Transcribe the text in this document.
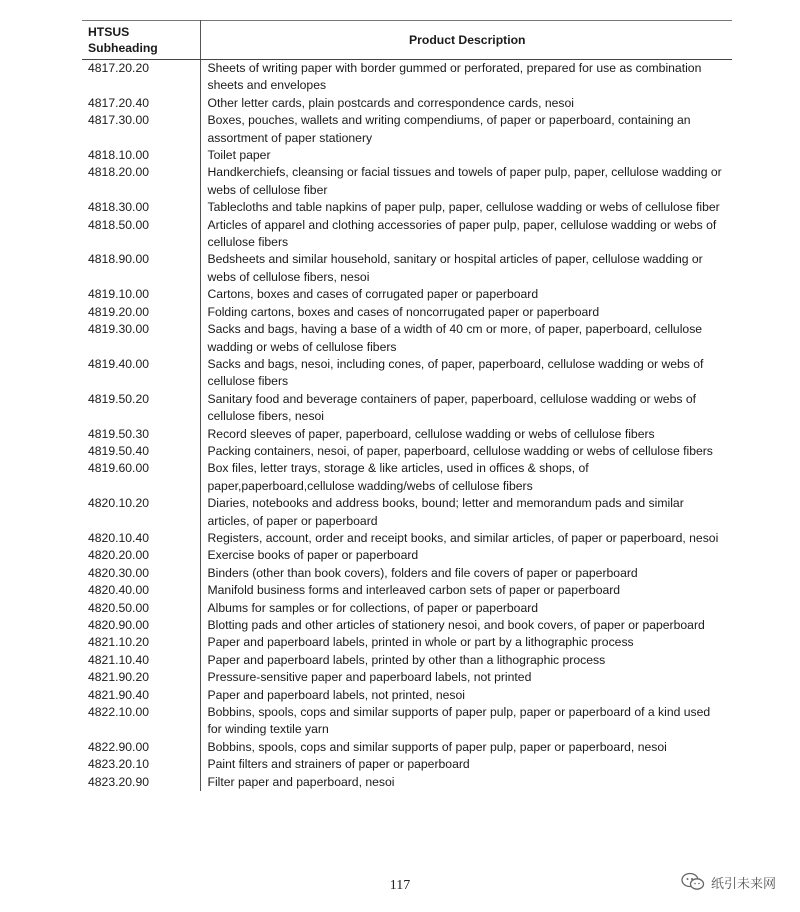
HTSUS
Subheading	Product Description
4817.20.20	Sheets of writing paper with border gummed or perforated, prepared for use as combination sheets and envelopes
4817.20.40	Other letter cards, plain postcards and correspondence cards, nesoi
4817.30.00	Boxes, pouches, wallets and writing compendiums, of paper or paperboard, containing an assortment of paper stationery
4818.10.00	Toilet paper
4818.20.00	Handkerchiefs, cleansing or facial tissues and towels of paper pulp, paper, cellulose wadding or webs of cellulose fiber
4818.30.00	Tablecloths and table napkins of paper pulp, paper, cellulose wadding or webs of cellulose fiber
4818.50.00	Articles of apparel and clothing accessories of paper pulp, paper, cellulose wadding or webs of cellulose fibers
4818.90.00	Bedsheets and similar household, sanitary or hospital articles of paper, cellulose wadding or webs of cellulose fibers, nesoi
4819.10.00	Cartons, boxes and cases of corrugated paper or paperboard
4819.20.00	Folding cartons, boxes and cases of noncorrugated paper or paperboard
4819.30.00	Sacks and bags, having a base of a width of 40 cm or more, of paper, paperboard, cellulose wadding or webs of cellulose fibers
4819.40.00	Sacks and bags, nesoi, including cones, of paper, paperboard, cellulose wadding or webs of cellulose fibers
4819.50.20	Sanitary food and beverage containers of paper, paperboard, cellulose wadding or webs of cellulose fibers, nesoi
4819.50.30	Record sleeves of paper, paperboard, cellulose wadding or webs of cellulose fibers
4819.50.40	Packing containers, nesoi, of paper, paperboard, cellulose wadding or webs of cellulose fibers
4819.60.00	Box files, letter trays, storage & like articles, used in offices & shops, of paper,paperboard,cellulose wadding/webs of cellulose fibers
4820.10.20	Diaries, notebooks and address books, bound; letter and memorandum pads and similar articles, of paper or paperboard
4820.10.40	Registers, account, order and receipt books, and similar articles, of paper or paperboard, nesoi
4820.20.00	Exercise books of paper or paperboard
4820.30.00	Binders (other than book covers), folders and file covers of paper or paperboard
4820.40.00	Manifold business forms and interleaved carbon sets of paper or paperboard
4820.50.00	Albums for samples or for collections, of paper or paperboard
4820.90.00	Blotting pads and other articles of stationery nesoi, and book covers, of paper or paperboard
4821.10.20	Paper and paperboard labels, printed in whole or part by a lithographic process
4821.10.40	Paper and paperboard labels, printed by other than a lithographic process
4821.90.20	Pressure-sensitive paper and paperboard labels, not printed
4821.90.40	Paper and paperboard labels, not printed, nesoi
4822.10.00	Bobbins, spools, cops and similar supports of paper pulp, paper or paperboard of a kind used for winding textile yarn
4822.90.00	Bobbins, spools, cops and similar supports of paper pulp, paper or paperboard, nesoi
4823.20.10	Paint filters and strainers of paper or paperboard
4823.20.90	Filter paper and paperboard, nesoi
117	纸引未来网
